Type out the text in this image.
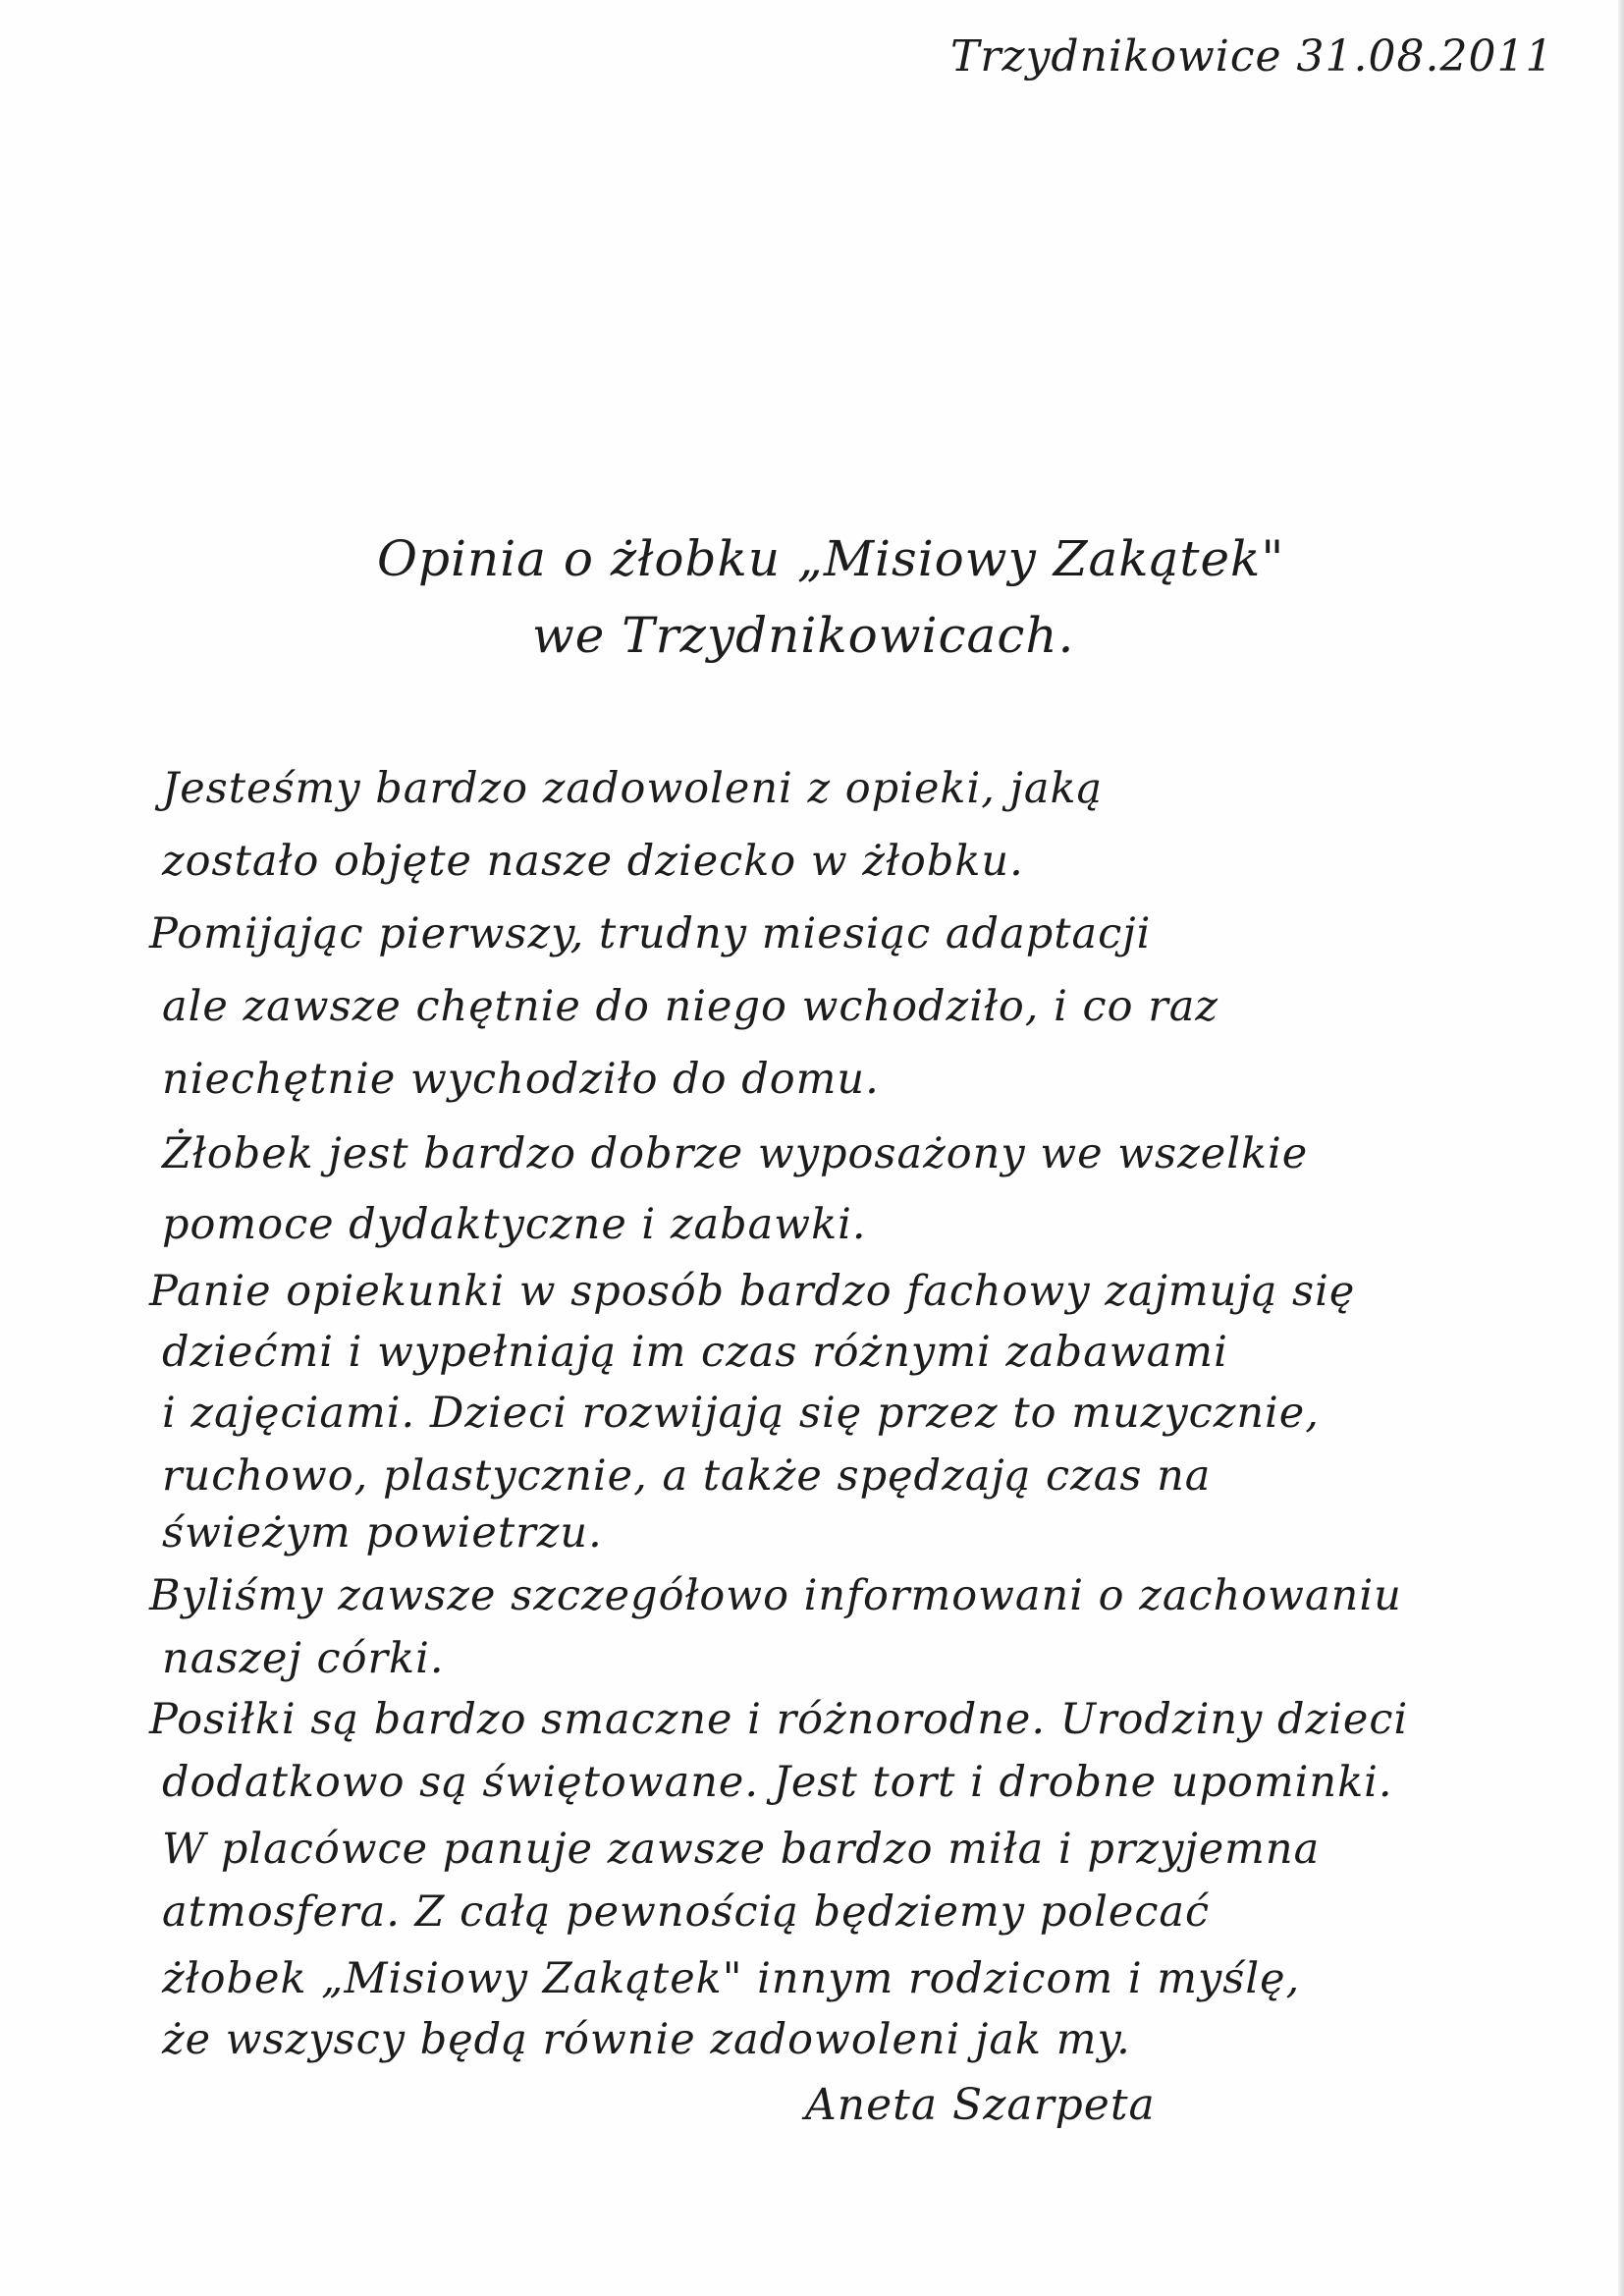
Trzydnikowice 31.08.2011
Opinia o żłobku „Misiowy Zakątek"
we Trzydnikowicach.
Jesteśmy bardzo zadowoleni z opieki, jaką
zostało objęte nasze dziecko w żłobku.
Pomijając pierwszy, trudny miesiąc adaptacji
ale zawsze chętnie do niego wchodziło, i co raz
niechętnie wychodziło do domu.
Żłobek jest bardzo dobrze wyposażony we wszelkie
pomoce dydaktyczne i zabawki.
Panie opiekunki w sposób bardzo fachowy zajmują się
dziećmi i wypełniają im czas różnymi zabawami
i zajęciami. Dzieci rozwijają się przez to muzycznie,
ruchowo, plastycznie, a także spędzają czas na
świeżym powietrzu.
Byliśmy zawsze szczegółowo informowani o zachowaniu
naszej córki.
Posiłki są bardzo smaczne i różnorodne. Urodziny dzieci
dodatkowo są świętowane. Jest tort i drobne upominki.
W placówce panuje zawsze bardzo miła i przyjemna
atmosfera. Z całą pewnością będziemy polecać
żłobek „Misiowy Zakątek" innym rodzicom i myślę,
że wszyscy będą równie zadowoleni jak my.
Aneta Szarpeta
